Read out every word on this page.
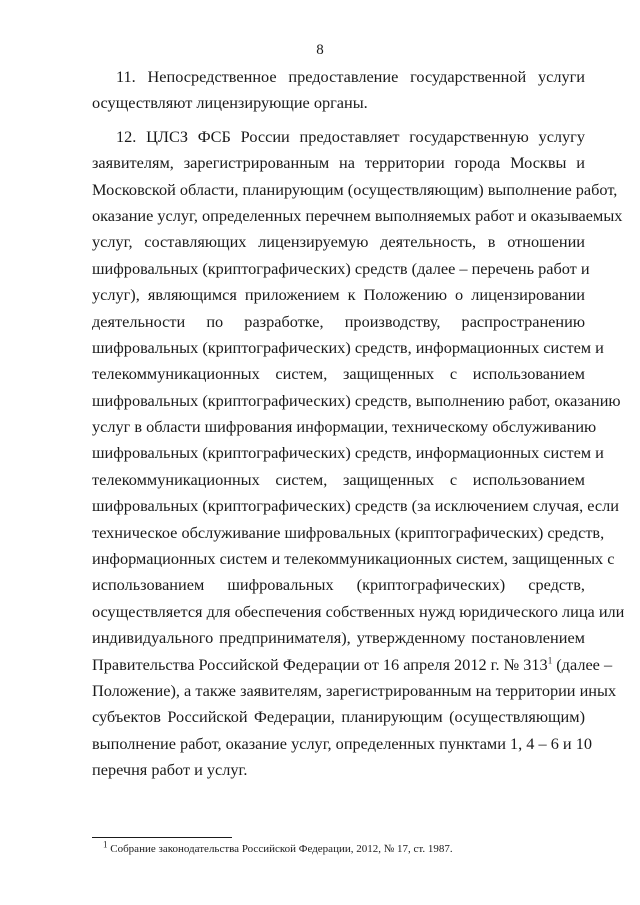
8
11. Непосредственное предоставление государственной услуги
осуществляют лицензирующие органы.
12. ЦЛСЗ ФСБ России предоставляет государственную услугу
заявителям, зарегистрированным на территории города Москвы и
Московской области, планирующим (осуществляющим) выполнение работ,
оказание услуг, определенных перечнем выполняемых работ и оказываемых
услуг, составляющих лицензируемую деятельность, в отношении
шифровальных (криптографических) средств (далее – перечень работ и
услуг), являющимся приложением к Положению о лицензировании
деятельности по разработке, производству, распространению
шифровальных (криптографических) средств, информационных систем и
телекоммуникационных систем, защищенных с использованием
шифровальных (криптографических) средств, выполнению работ, оказанию
услуг в области шифрования информации, техническому обслуживанию
шифровальных (криптографических) средств, информационных систем и
телекоммуникационных систем, защищенных с использованием
шифровальных (криптографических) средств (за исключением случая, если
техническое обслуживание шифровальных (криптографических) средств,
информационных систем и телекоммуникационных систем, защищенных с
использованием шифровальных (криптографических) средств,
осуществляется для обеспечения собственных нужд юридического лица или
индивидуального предпринимателя), утвержденному постановлением
Правительства Российской Федерации от 16 апреля 2012 г. № $313^1$ (далее –
Положение), а также заявителям, зарегистрированным на территории иных
субъектов Российской Федерации, планирующим (осуществляющим)
выполнение работ, оказание услуг, определенных пунктами 1, 4 – 6 и 10
перечня работ и услуг.
$^1$ Собрание законодательства Российской Федерации, 2012, № 17, ст. 1987.
